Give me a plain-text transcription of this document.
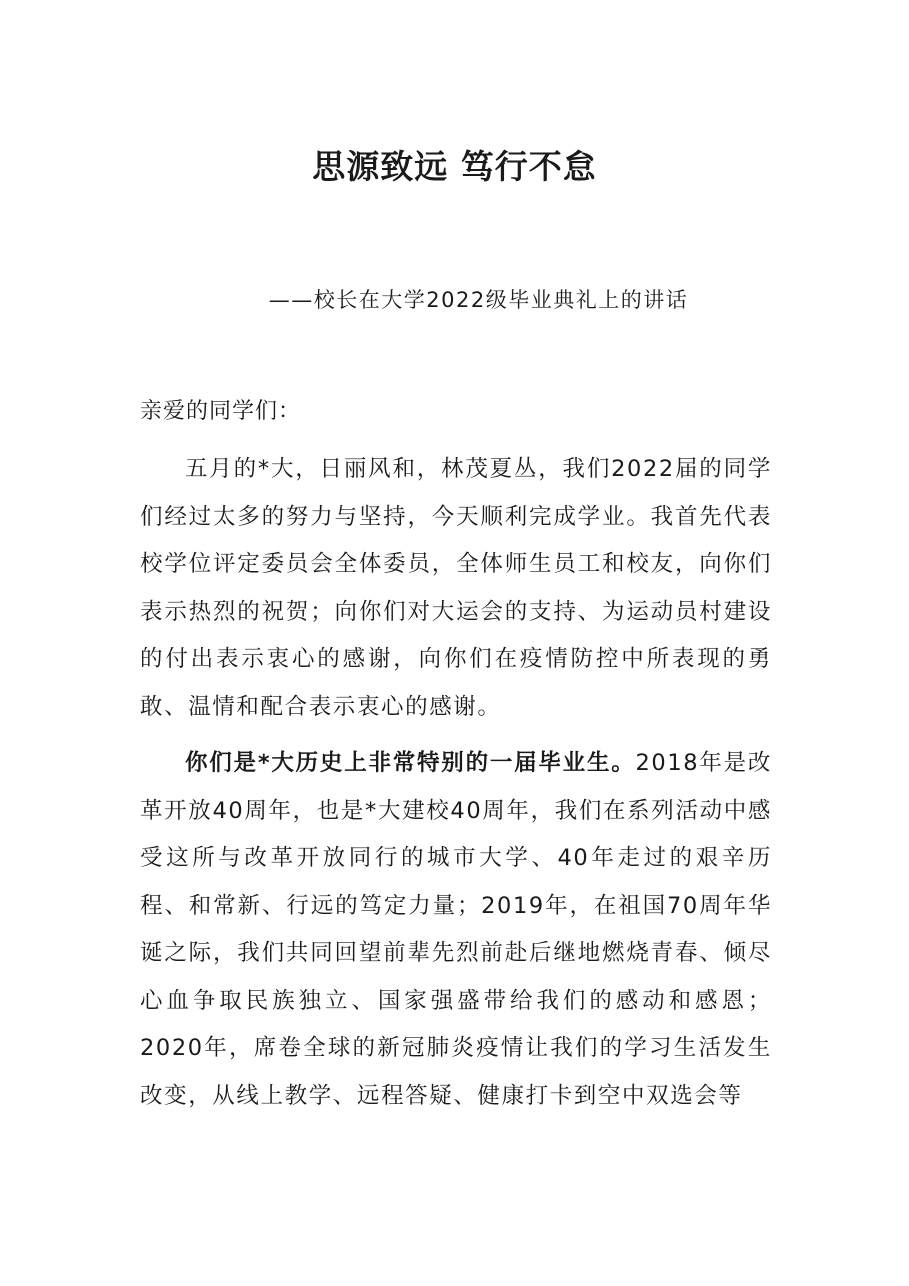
思源致远 笃行不怠

——校长在大学2022级毕业典礼上的讲话

亲爱的同学们：

五月的*大，日丽风和，林茂夏丛，我们2022届的同学们经过太多的努力与坚持，今天顺利完成学业。我首先代表校学位评定委员会全体委员，全体师生员工和校友，向你们表示热烈的祝贺；向你们对大运会的支持、为运动员村建设的付出表示衷心的感谢，向你们在疫情防控中所表现的勇敢、温情和配合表示衷心的感谢。

你们是*大历史上非常特别的一届毕业生。2018年是改革开放40周年，也是*大建校40周年，我们在系列活动中感受这所与改革开放同行的城市大学、40年走过的艰辛历程、和常新、行远的笃定力量；2019年，在祖国70周年华诞之际，我们共同回望前辈先烈前赴后继地燃烧青春、倾尽心血争取民族独立、国家强盛带给我们的感动和感恩；2020年，席卷全球的新冠肺炎疫情让我们的学习生活发生改变，从线上教学、远程答疑、健康打卡到空中双选会等
